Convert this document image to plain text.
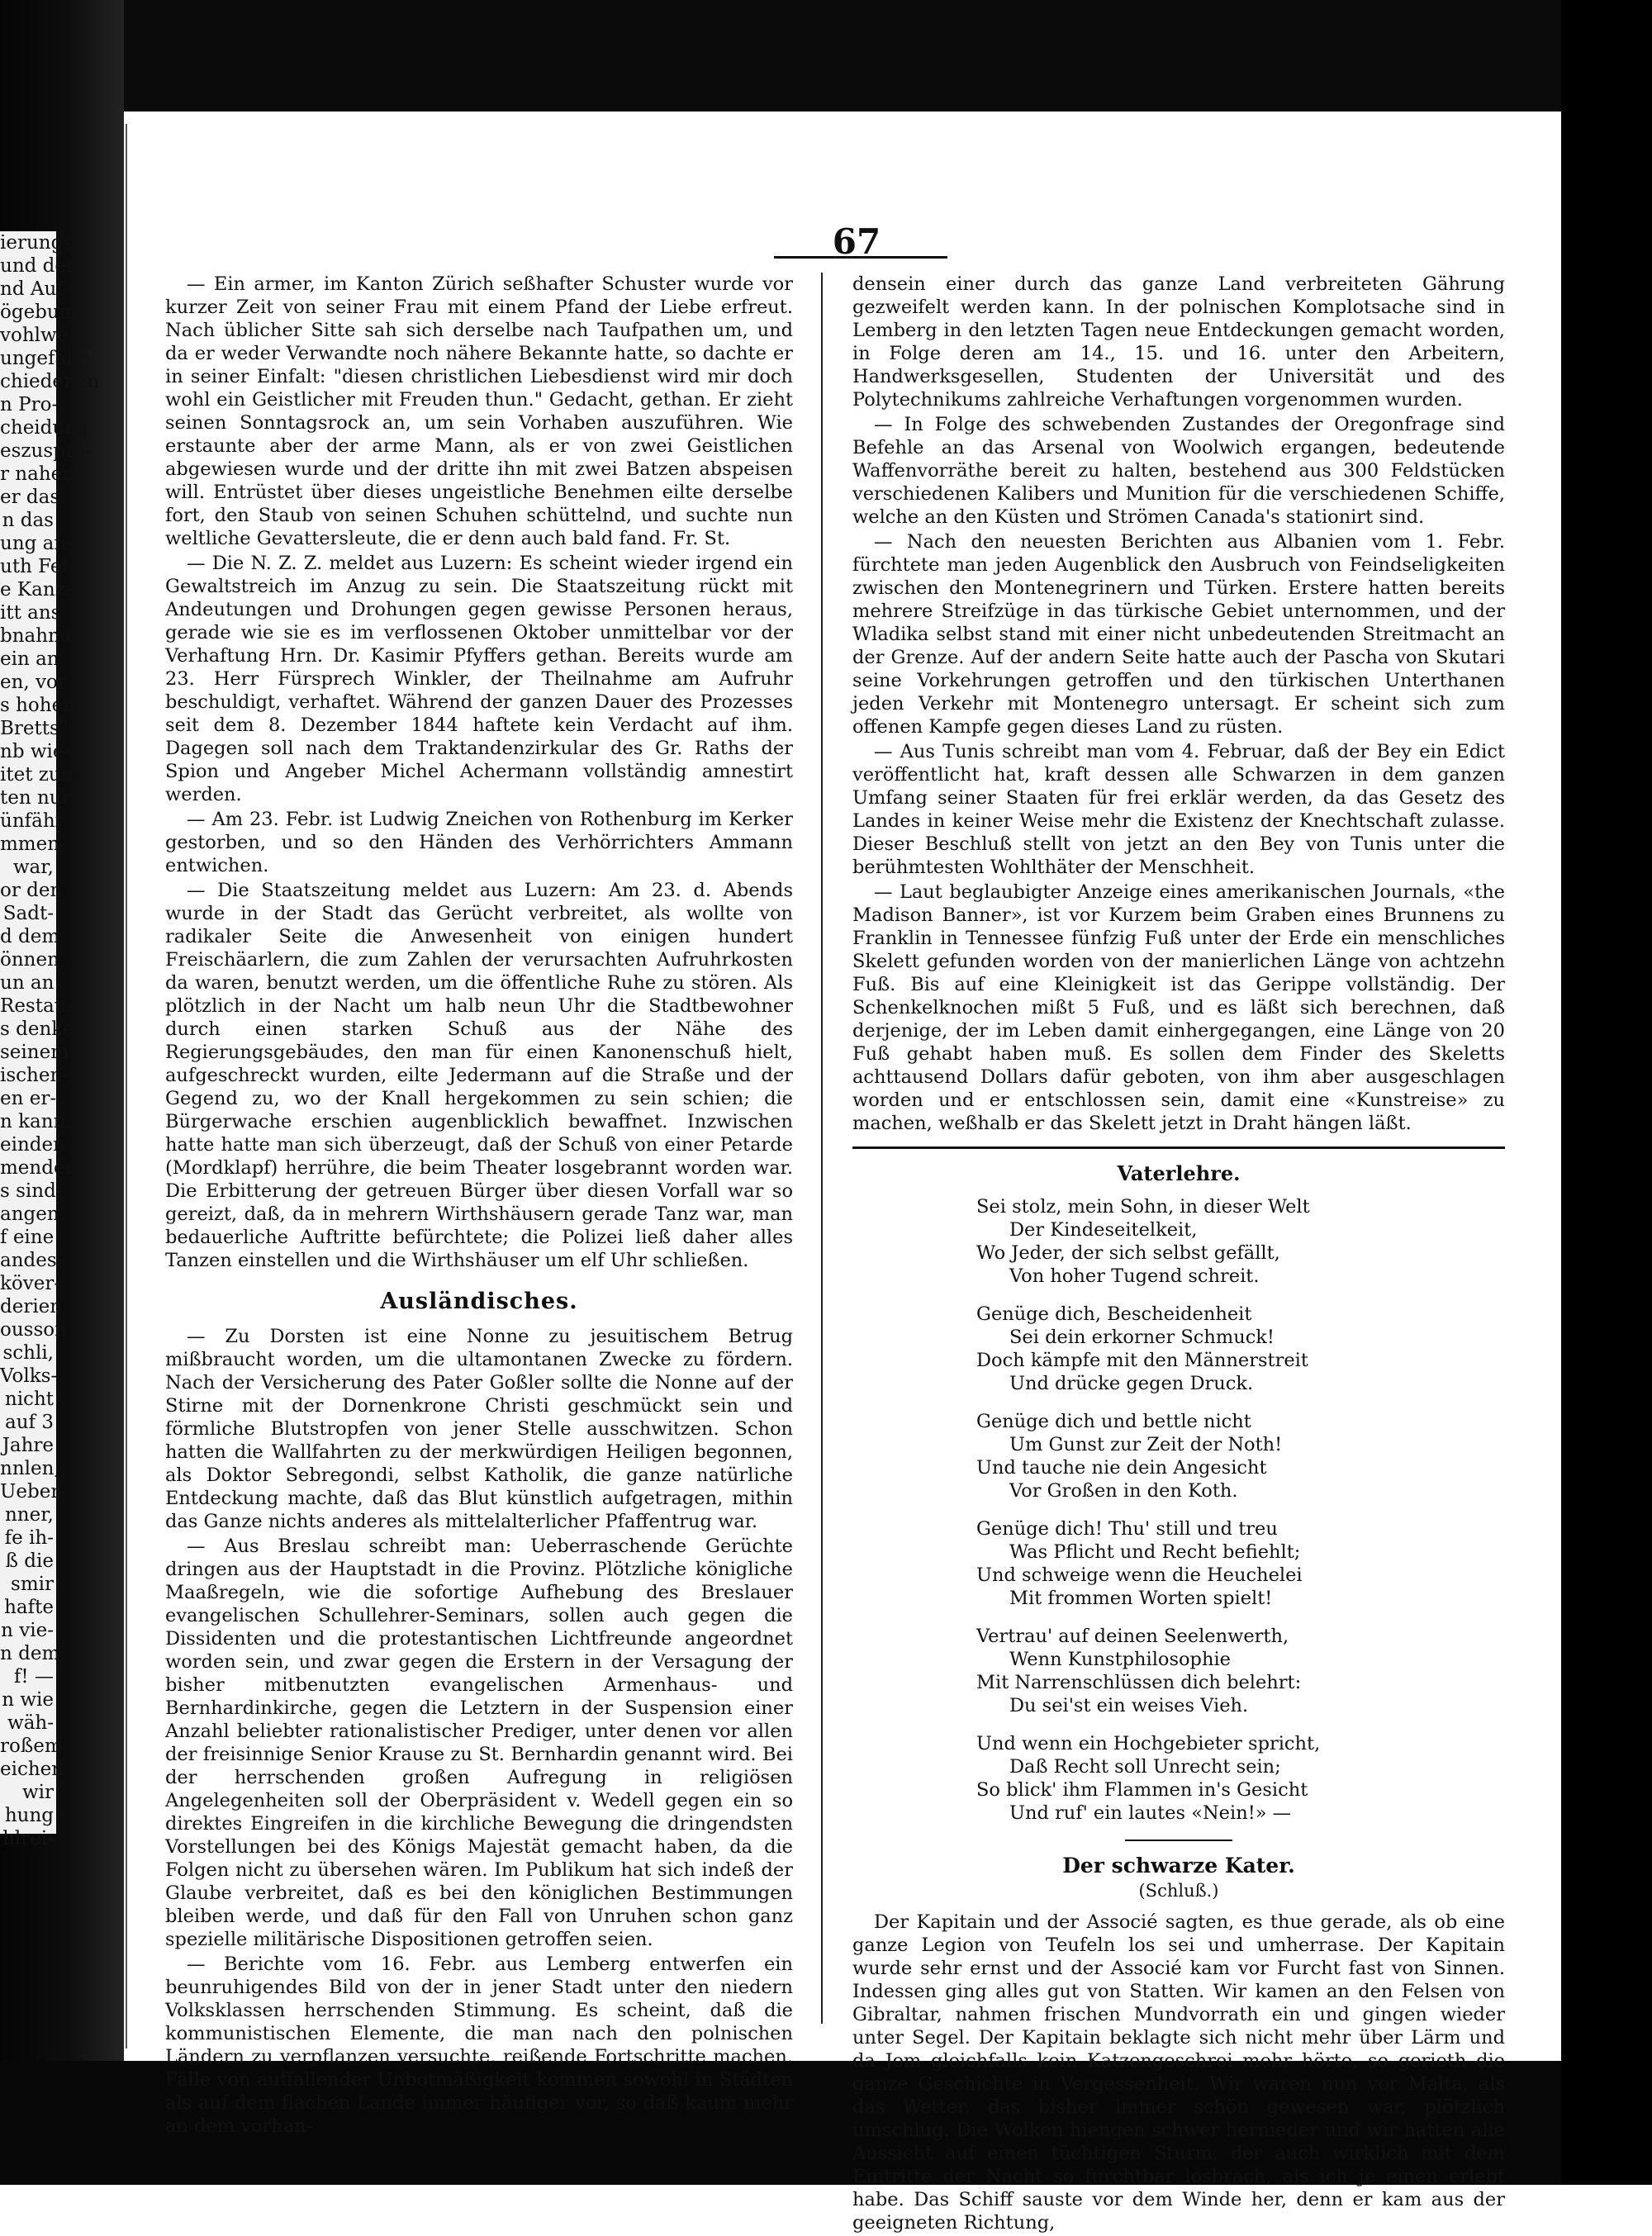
ierungs-
und der
nd Auf-
ögebung
vohlwei-
ungefähr
chiedenen
n Pro-
cheidung
eszuspre-
r nahen
er das
n das
ung an-
uth Fet-
e Kanz-
itt ans
bnahme
ein an
en, vor
s hohen
Bretts"
nb wie-
itet zum
ten nur
ünfähi-
mmen-
war,
or den
Sadt-
d dem
önnen,
un an
Restau-
s denke
seinem
ischen-
en er-
n kann.
einden
menden
s sind-
angen,
f eine
andes-
köver-
derien
ousson
schli,
Volks-
nicht
auf 3
Jahre
nnlen,
Ueber-
nner,
fe ih-
ß die
smir
hafte
n vie-
n dem
f! —
n wie
wäh-
roßem
eichen
wir
hung
hlrei-
67

— Ein armer, im Kanton Zürich seßhafter Schuster wurde vor kurzer Zeit von seiner Frau mit einem Pfand der Liebe erfreut. Nach üblicher Sitte sah sich derselbe nach Taufpathen um, und da er weder Verwandte noch nähere Bekannte hatte, so dachte er in seiner Einfalt: "diesen christlichen Liebesdienst wird mir doch wohl ein Geistlicher mit Freuden thun." Gedacht, gethan. Er zieht seinen Sonntagsrock an, um sein Vorhaben auszuführen. Wie erstaunte aber der arme Mann, als er von zwei Geistlichen abgewiesen wurde und der dritte ihn mit zwei Batzen abspeisen will. Entrüstet über dieses ungeistliche Benehmen eilte derselbe fort, den Staub von seinen Schuhen schüttelnd, und suchte nun weltliche Gevattersleute, die er denn auch bald fand. Fr. St.

— Die N. Z. Z. meldet aus Luzern: Es scheint wieder irgend ein Gewaltstreich im Anzug zu sein. Die Staatszeitung rückt mit Andeutungen und Drohungen gegen gewisse Personen heraus, gerade wie sie es im verflossenen Oktober unmittelbar vor der Verhaftung Hrn. Dr. Kasimir Pfyffers gethan. Bereits wurde am 23. Herr Fürsprech Winkler, der Theilnahme am Aufruhr beschuldigt, verhaftet. Während der ganzen Dauer des Prozesses seit dem 8. Dezember 1844 haftete kein Verdacht auf ihm. Dagegen soll nach dem Traktandenzirkular des Gr. Raths der Spion und Angeber Michel Achermann vollständig amnestirt werden.

— Am 23. Febr. ist Ludwig Zneichen von Rothenburg im Kerker gestorben, und so den Händen des Verhörrichters Ammann entwichen.

— Die Staatszeitung meldet aus Luzern: Am 23. d. Abends wurde in der Stadt das Gerücht verbreitet, als wollte von radikaler Seite die Anwesenheit von einigen hundert Freischäarlern, die zum Zahlen der verursachten Aufruhrkosten da waren, benutzt werden, um die öffentliche Ruhe zu stören. Als plötzlich in der Nacht um halb neun Uhr die Stadtbewohner durch einen starken Schuß aus der Nähe des Regierungsgebäudes, den man für einen Kanonenschuß hielt, aufgeschreckt wurden, eilte Jedermann auf die Straße und der Gegend zu, wo der Knall hergekommen zu sein schien; die Bürgerwache erschien augenblicklich bewaffnet. Inzwischen hatte hatte man sich überzeugt, daß der Schuß von einer Petarde (Mordklapf) herrühre, die beim Theater losgebrannt worden war. Die Erbitterung der getreuen Bürger über diesen Vorfall war so gereizt, daß, da in mehrern Wirthshäusern gerade Tanz war, man bedauerliche Auftritte befürchtete; die Polizei ließ daher alles Tanzen einstellen und die Wirthshäuser um elf Uhr schließen.

Ausländisches.

— Zu Dorsten ist eine Nonne zu jesuitischem Betrug mißbraucht worden, um die ultamontanen Zwecke zu fördern. Nach der Versicherung des Pater Goßler sollte die Nonne auf der Stirne mit der Dornenkrone Christi geschmückt sein und förmliche Blutstropfen von jener Stelle ausschwitzen. Schon hatten die Wallfahrten zu der merkwürdigen Heiligen begonnen, als Doktor Sebregondi, selbst Katholik, die ganze natürliche Entdeckung machte, daß das Blut künstlich aufgetragen, mithin das Ganze nichts anderes als mittelalterlicher Pfaffentrug war.

— Aus Breslau schreibt man: Ueberraschende Gerüchte dringen aus der Hauptstadt in die Provinz. Plötzliche königliche Maaßregeln, wie die sofortige Aufhebung des Breslauer evangelischen Schullehrer-Seminars, sollen auch gegen die Dissidenten und die protestantischen Lichtfreunde angeordnet worden sein, und zwar gegen die Erstern in der Versagung der bisher mitbenutzten evangelischen Armenhaus- und Bernhardinkirche, gegen die Letztern in der Suspension einer Anzahl beliebter rationalistischer Prediger, unter denen vor allen der freisinnige Senior Krause zu St. Bernhardin genannt wird. Bei der herrschenden großen Aufregung in religiösen Angelegenheiten soll der Oberpräsident v. Wedell gegen ein so direktes Eingreifen in die kirchliche Bewegung die dringendsten Vorstellungen bei des Königs Majestät gemacht haben, da die Folgen nicht zu übersehen wären. Im Publikum hat sich indeß der Glaube verbreitet, daß es bei den königlichen Bestimmungen bleiben werde, und daß für den Fall von Unruhen schon ganz spezielle militärische Dispositionen getroffen seien.

— Berichte vom 16. Febr. aus Lemberg entwerfen ein beunruhigendes Bild von der in jener Stadt unter den niedern Volksklassen herrschenden Stimmung. Es scheint, daß die kommunistischen Elemente, die man nach den polnischen Ländern zu verpflanzen versuchte, reißende Fortschritte machen. Fälle von auffallender Unbotmäßigkeit kommen sowohl in Städten als auf dem flachen Lande immer häufiger vor, so daß kaum mehr an dem vorhan-

densein einer durch das ganze Land verbreiteten Gährung gezweifelt werden kann. In der polnischen Komplotsache sind in Lemberg in den letzten Tagen neue Entdeckungen gemacht worden, in Folge deren am 14., 15. und 16. unter den Arbeitern, Handwerksgesellen, Studenten der Universität und des Polytechnikums zahlreiche Verhaftungen vorgenommen wurden.

— In Folge des schwebenden Zustandes der Oregonfrage sind Befehle an das Arsenal von Woolwich ergangen, bedeutende Waffenvorräthe bereit zu halten, bestehend aus 300 Feldstücken verschiedenen Kalibers und Munition für die verschiedenen Schiffe, welche an den Küsten und Strömen Canada's stationirt sind.

— Nach den neuesten Berichten aus Albanien vom 1. Febr. fürchtete man jeden Augenblick den Ausbruch von Feindseligkeiten zwischen den Montenegrinern und Türken. Erstere hatten bereits mehrere Streifzüge in das türkische Gebiet unternommen, und der Wladika selbst stand mit einer nicht unbedeutenden Streitmacht an der Grenze. Auf der andern Seite hatte auch der Pascha von Skutari seine Vorkehrungen getroffen und den türkischen Unterthanen jeden Verkehr mit Montenegro untersagt. Er scheint sich zum offenen Kampfe gegen dieses Land zu rüsten.

— Aus Tunis schreibt man vom 4. Februar, daß der Bey ein Edict veröffentlicht hat, kraft dessen alle Schwarzen in dem ganzen Umfang seiner Staaten für frei erklär werden, da das Gesetz des Landes in keiner Weise mehr die Existenz der Knechtschaft zulasse. Dieser Beschluß stellt von jetzt an den Bey von Tunis unter die berühmtesten Wohlthäter der Menschheit.

— Laut beglaubigter Anzeige eines amerikanischen Journals, «the Madison Banner», ist vor Kurzem beim Graben eines Brunnens zu Franklin in Tennessee fünfzig Fuß unter der Erde ein menschliches Skelett gefunden worden von der manierlichen Länge von achtzehn Fuß. Bis auf eine Kleinigkeit ist das Gerippe vollständig. Der Schenkelknochen mißt 5 Fuß, und es läßt sich berechnen, daß derjenige, der im Leben damit einhergegangen, eine Länge von 20 Fuß gehabt haben muß. Es sollen dem Finder des Skeletts achttausend Dollars dafür geboten, von ihm aber ausgeschlagen worden und er entschlossen sein, damit eine «Kunstreise» zu machen, weßhalb er das Skelett jetzt in Draht hängen läßt.

Vaterlehre.
Sei stolz, mein Sohn, in dieser Welt
Der Kindeseitelkeit,
Wo Jeder, der sich selbst gefällt,
Von hoher Tugend schreit.
Genüge dich, Bescheidenheit
Sei dein erkorner Schmuck!
Doch kämpfe mit den Männerstreit
Und drücke gegen Druck.
Genüge dich und bettle nicht
Um Gunst zur Zeit der Noth!
Und tauche nie dein Angesicht
Vor Großen in den Koth.
Genüge dich! Thu' still und treu
Was Pflicht und Recht befiehlt;
Und schweige wenn die Heuchelei
Mit frommen Worten spielt!
Vertrau' auf deinen Seelenwerth,
Wenn Kunstphilosophie
Mit Narrenschlüssen dich belehrt:
Du sei'st ein weises Vieh.
Und wenn ein Hochgebieter spricht,
Daß Recht soll Unrecht sein;
So blick' ihm Flammen in's Gesicht
Und ruf' ein lautes «Nein!» —
Der schwarze Kater.
(Schluß.)

Der Kapitain und der Associé sagten, es thue gerade, als ob eine ganze Legion von Teufeln los sei und umherrase. Der Kapitain wurde sehr ernst und der Associé kam vor Furcht fast von Sinnen. Indessen ging alles gut von Statten. Wir kamen an den Felsen von Gibraltar, nahmen frischen Mundvorrath ein und gingen wieder unter Segel. Der Kapitain beklagte sich nicht mehr über Lärm und da Jem gleichfalls kein Katzengeschrei mehr hörte, so gerieth die ganze Geschichte in Vergessenheit. Wir waren nun vor Malta, als das Wetter, das bisher immer schön gewesen war, plötzlich umschlug. Die Wolken hiengen schwer hernieder und wir hatten alle Aussicht auf einen tüchtigen Sturm, der auch wirklich mit dem Eintritte der Nacht so furchtbar losbrach, als ich je einen erlebt habe. Das Schiff sauste vor dem Winde her, denn er kam aus der geeigneten Richtung,
